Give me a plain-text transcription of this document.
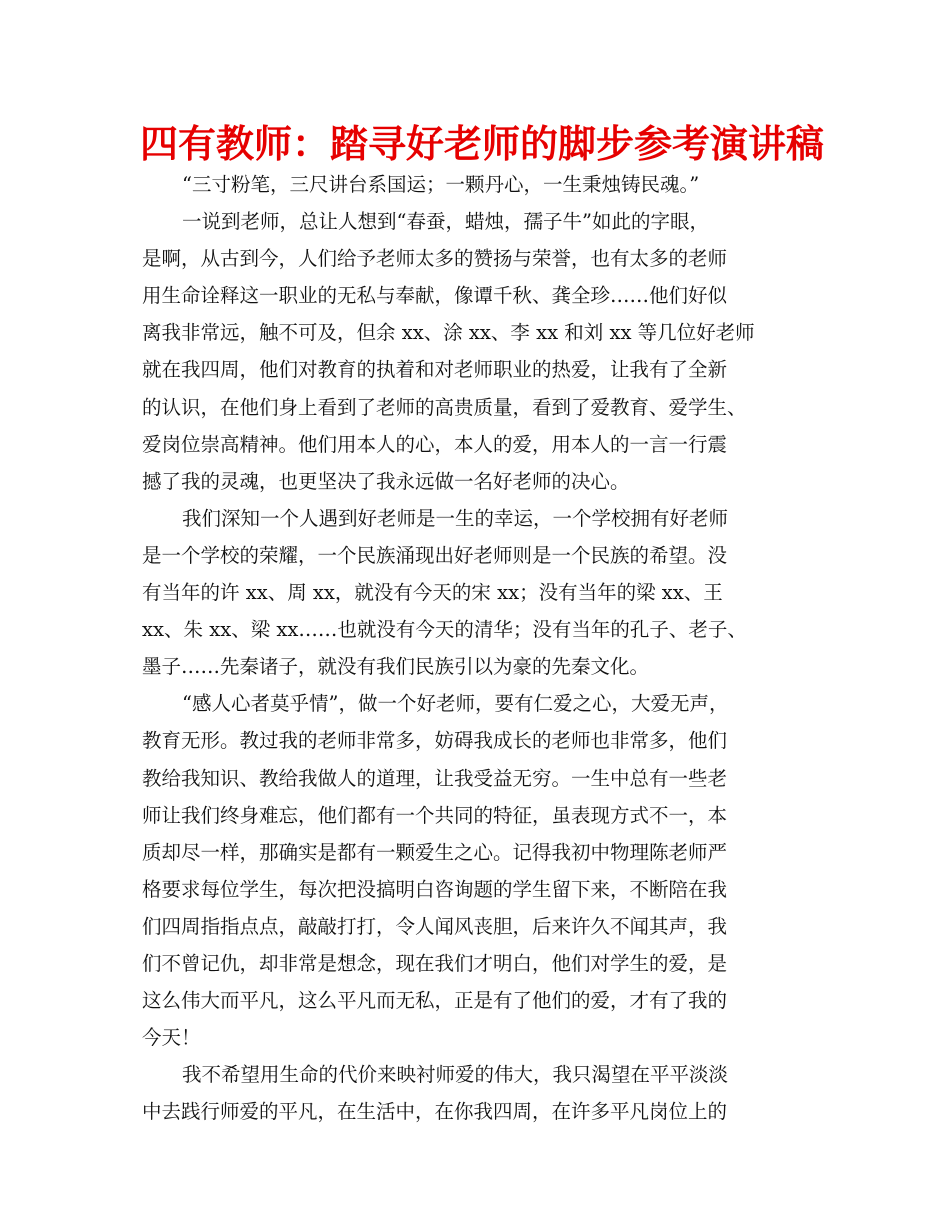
四有教师：踏寻好老师的脚步参考演讲稿
“三寸粉笔，三尺讲台系国运；一颗丹心，一生秉烛铸民魂。”
一说到老师，总让人想到“春蚕，蜡烛，孺子牛”如此的字眼，
是啊，从古到今，人们给予老师太多的赞扬与荣誉，也有太多的老师
用生命诠释这一职业的无私与奉献，像谭千秋、龚全珍……他们好似
离我非常远，触不可及，但余 xx、涂 xx、李 xx 和刘 xx 等几位好老师
就在我四周，他们对教育的执着和对老师职业的热爱，让我有了全新
的认识，在他们身上看到了老师的高贵质量，看到了爱教育、爱学生、
爱岗位崇高精神。他们用本人的心，本人的爱，用本人的一言一行震
撼了我的灵魂，也更坚决了我永远做一名好老师的决心。
我们深知一个人遇到好老师是一生的幸运，一个学校拥有好老师
是一个学校的荣耀，一个民族涌现出好老师则是一个民族的希望。没
有当年的许 xx、周 xx，就没有今天的宋 xx；没有当年的梁 xx、王
xx、朱 xx、梁 xx……也就没有今天的清华；没有当年的孔子、老子、
墨子……先秦诸子，就没有我们民族引以为豪的先秦文化。
“感人心者莫乎情”，做一个好老师，要有仁爱之心，大爱无声，
教育无形。教过我的老师非常多，妨碍我成长的老师也非常多，他们
教给我知识、教给我做人的道理，让我受益无穷。一生中总有一些老
师让我们终身难忘，他们都有一个共同的特征，虽表现方式不一，本
质却尽一样，那确实是都有一颗爱生之心。记得我初中物理陈老师严
格要求每位学生，每次把没搞明白咨询题的学生留下来，不断陪在我
们四周指指点点，敲敲打打，令人闻风丧胆，后来许久不闻其声，我
们不曾记仇，却非常是想念，现在我们才明白，他们对学生的爱，是
这么伟大而平凡，这么平凡而无私，正是有了他们的爱，才有了我的
今天！
我不希望用生命的代价来映衬师爱的伟大，我只渴望在平平淡淡
中去践行师爱的平凡，在生活中，在你我四周，在许多平凡岗位上的
